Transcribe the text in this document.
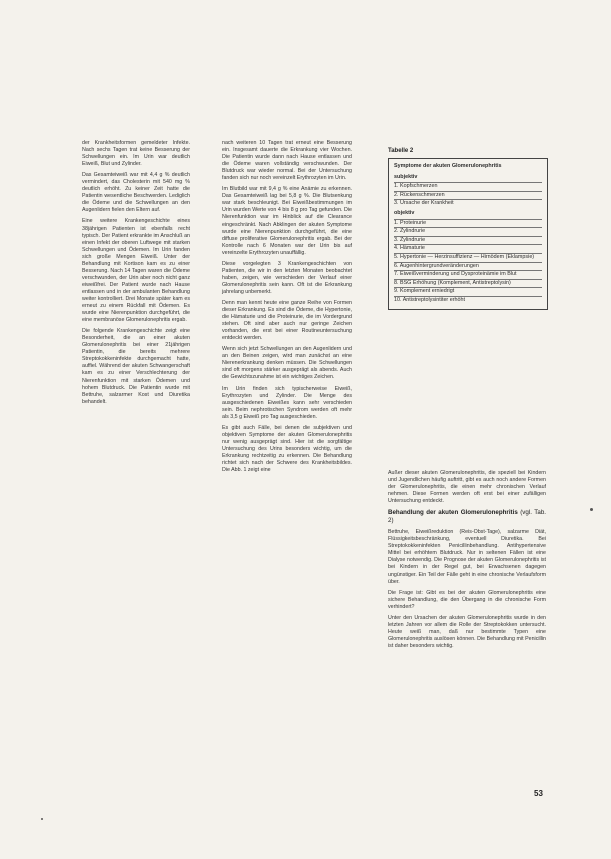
der Krankheitsformen gemeldeter Infekte. Nach sechs Tagen trat keine Besserung der Schwellungen ein. Im Urin war deutlich Eiweiß, Blut und Zylinder.

Das Gesamteiweiß war mit 4,4 g % deutlich vermindert, das Cholesterin mit 540 mg % deutlich erhöht. Zu keiner Zeit hatte die Patientin wesentliche Beschwerden. Lediglich die Ödeme und die Schwellungen an den Augenlidern fielen den Eltern auf.

Eine weitere Krankengeschichte eines 38jährigen Patienten ist ebenfalls recht typisch. Der Patient erkrankte im Anschluß an einen Infekt der oberen Luftwege mit starken Schwellungen und Ödemen. Im Urin fanden sich große Mengen Eiweiß. Unter der Behandlung mit Kortison kam es zu einer Besserung. Nach 14 Tagen waren die Ödeme verschwunden, der Urin aber noch nicht ganz eiweißfrei. Der Patient wurde nach Hause entlassen und in der ambulanten Behandlung weiter kontrolliert. Drei Monate später kam es erneut zu einem Rückfall mit Ödemen. Es wurde eine Nierenpunktion durchgeführt, die eine membranöse Glomerulonephritis ergab.

Die folgende Krankengeschichte zeigt eine Besonderheit, die an einer akuten Glomerulonephritis bei einer 21jährigen Patientin, die bereits mehrere Streptokokkeninfekte durchgemacht hatte, auffiel. Während der akuten Schwangerschaft kam es zu einer Verschlechterung der Nierenfunktion mit starken Ödemen und hohem Blutdruck. Die Patientin wurde mit Bettruhe, salzarmer Kost und Diuretika behandelt.

nach weiteren 10 Tagen trat erneut eine Besserung ein. Insgesamt dauerte die Erkrankung vier Wochen. Die Patientin wurde dann nach Hause entlassen und die Ödeme waren vollständig verschwunden. Der Blutdruck war wieder normal. Bei der Untersuchung fanden sich nur noch vereinzelt Erythrozyten im Urin.

Im Blutbild war mit 9,4 g % eine Anämie zu erkennen. Das Gesamteiweiß lag bei 5,8 g %. Die Blutsenkung war stark beschleunigt. Bei Eiweißbestimmungen im Urin wurden Werte von 4 bis 8 g pro Tag gefunden. Die Nierenfunktion war im Hinblick auf die Clearance eingeschränkt. Nach Abklingen der akuten Symptome wurde eine Nierenpunktion durchgeführt, die eine diffuse proliferative Glomerulonephritis ergab. Bei der Kontrolle nach 6 Monaten war der Urin bis auf vereinzelte Erythrozyten unauffällig.

Diese vorgelegten 3 Krankengeschichten von Patienten, die wir in den letzten Monaten beobachtet haben, zeigen, wie verschieden der Verlauf einer Glomerulonephritis sein kann. Oft ist die Erkrankung jahrelang unbemerkt.

Denn man kennt heute eine ganze Reihe von Formen dieser Erkrankung. Es sind die Ödeme, die Hypertonie, die Hämaturie und die Proteinurie, die im Vordergrund stehen. Oft sind aber auch nur geringe Zeichen vorhanden, die erst bei einer Routineuntersuchung entdeckt werden.

Wenn sich jetzt Schwellungen an den Augenlidern und an den Beinen zeigen, wird man zunächst an eine Nierenerkrankung denken müssen. Die Schwellungen sind oft morgens stärker ausgeprägt als abends. Auch die Gewichtszunahme ist ein wichtiges Zeichen.

Im Urin finden sich typischerweise Eiweiß, Erythrozyten und Zylinder. Die Menge des ausgeschiedenen Eiweißes kann sehr verschieden sein. Beim nephrotischen Syndrom werden oft mehr als 3,5 g Eiweiß pro Tag ausgeschieden.

Es gibt auch Fälle, bei denen die subjektiven und objektiven Symptome der akuten Glomerulonephritis nur wenig ausgeprägt sind. Hier ist die sorgfältige Untersuchung des Urins besonders wichtig, um die Erkrankung rechtzeitig zu erkennen. Die Behandlung richtet sich nach der Schwere des Krankheitsbildes. Die Abb. 1 zeigt eine

Tabelle 2
Symptome der akuten Glomerulonephritis
subjektiv
1. Kopfschmerzen
2. Rückenschmerzen
3. Ursache der Krankheit
objektiv
1. Proteinurie
2. Zylindrurie
3. Zylindrurie
4. Hämaturie
5. Hypertonie — Herzinsuffizienz — Hirnödem (Eklampsie)
6. Augenhintergrundveränderungen
7. Eiweißverminderung und Dysproteinämie im Blut
8. BSG Erhöhung (Komplement, Antistreptolysin)
9. Komplement erniedrigt
10. Antistreptolysintiter erhöht

Außer dieser akuten Glomerulonephritis, die speziell bei Kindern und Jugendlichen häufig auftritt, gibt es auch noch andere Formen der Glomerulonephritis, die einen mehr chronischen Verlauf nehmen. Diese Formen werden oft erst bei einer zufälligen Untersuchung entdeckt.

Behandlung der akuten Glomerulonephritis (vgl. Tab. 2)

Bettruhe, Eiweißreduktion (Reis-Obst-Tage), salzarme Diät, Flüssigkeitsbeschränkung, eventuell Diuretika. Bei Streptokokkeninfekten Penicillinbehandlung. Antihypertensive Mittel bei erhöhtem Blutdruck. Nur in seltenen Fällen ist eine Dialyse notwendig. Die Prognose der akuten Glomerulonephritis ist bei Kindern in der Regel gut, bei Erwachsenen dagegen ungünstiger. Ein Teil der Fälle geht in eine chronische Verlaufsform über.

Die Frage ist: Gibt es bei der akuten Glomerulonephritis eine sichere Behandlung, die den Übergang in die chronische Form verhindert?

Unter den Ursachen der akuten Glomerulonephritis wurde in den letzten Jahren vor allem die Rolle der Streptokokken untersucht. Heute weiß man, daß nur bestimmte Typen eine Glomerulonephritis auslösen können. Die Behandlung mit Penicillin ist daher besonders wichtig.

53
